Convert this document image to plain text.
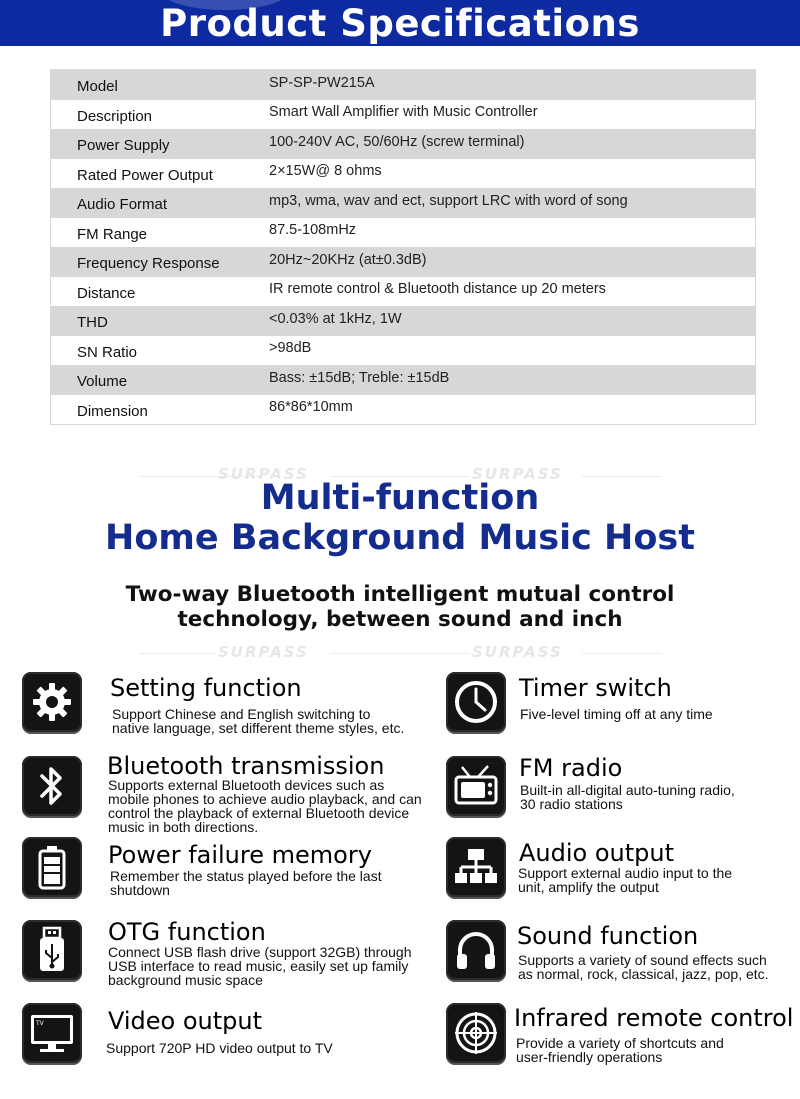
Product Specifications
Model	SP-SP-PW215A
Description	Smart Wall Amplifier with Music Controller
Power Supply	100-240V AC, 50/60Hz (screw terminal)
Rated Power Output	2×15W@ 8 ohms
Audio Format	mp3, wma, wav and ect, support LRC with word of song
FM Range	87.5-108mHz
Frequency Response	20Hz~20KHz (at±0.3dB)
Distance	IR remote control & Bluetooth distance up 20 meters
THD	<0.03% at 1kHz, 1W
SN Ratio	>98dB
Volume	Bass: ±15dB; Treble: ±15dB
Dimension	86*86*10mm
SURPASS	SURPASS
SURPASS	SURPASS
Multi-function
Home Background Music Host
Two-way Bluetooth intelligent mutual control
technology, between sound and inch
Setting function
Support Chinese and English switching to
native language, set different theme styles, etc.
Timer switch
Five-level timing off at any time
Bluetooth transmission
Supports external Bluetooth devices such as
mobile phones to achieve audio playback, and can
control the playback of external Bluetooth device
music in both directions.
FM radio
Built-in all-digital auto-tuning radio,
30 radio stations
Power failure memory
Remember the status played before the last
shutdown
Audio output
Support external audio input to the
unit, amplify the output
OTG function
Connect USB flash drive (support 32GB) through
USB interface to read music, easily set up family
background music space
Sound function
Supports a variety of sound effects such
as normal, rock, classical, jazz, pop, etc.
TV	Video output
Support 720P HD video output to TV
Infrared remote control
Provide a variety of shortcuts and
user-friendly operations
